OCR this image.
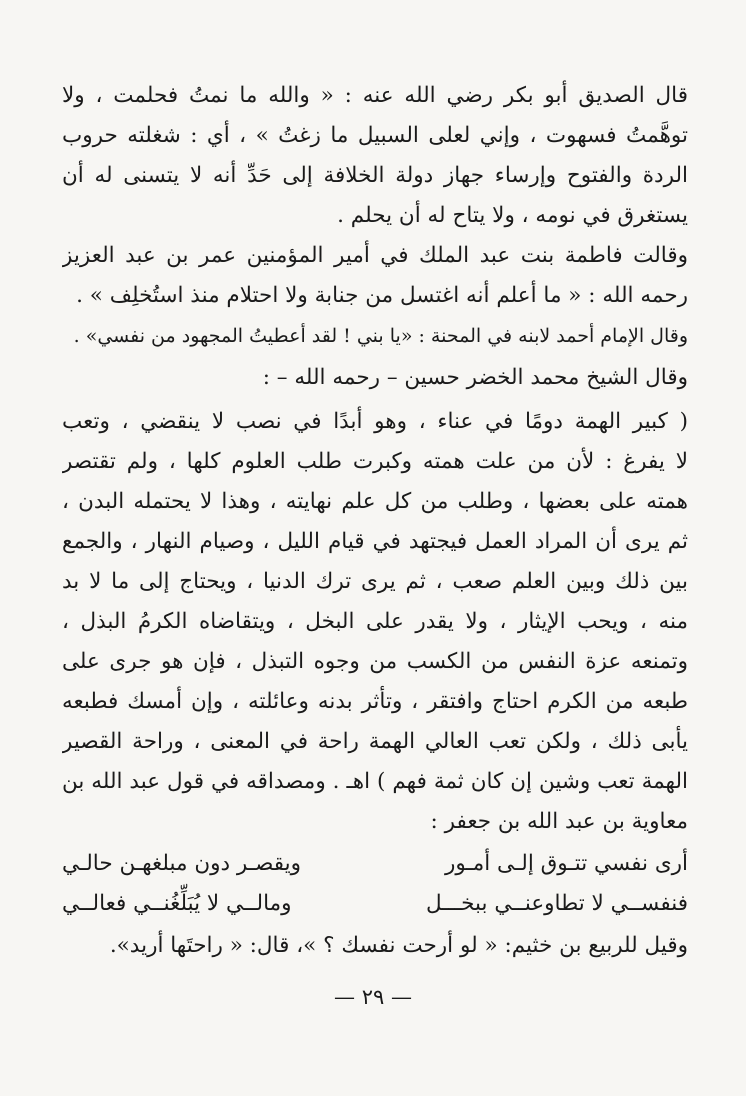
قال الصديق أبو بكر رضي الله عنه : « والله ما نمتُ فحلمت ، ولا
توهَّمتُ فسهوت ، وإني لعلى السبيل ما زغتُ » ، أي : شغلته حروب
الردة والفتوح وإرساء جهاز دولة الخلافة إلى حَدِّ أنه لا يتسنى له أن
يستغرق في نومه ، ولا يتاح له أن يحلم .
وقالت فاطمة بنت عبد الملك في أمير المؤمنين عمر بن عبد العزيز
رحمه الله : « ما أعلم أنه اغتسل من جنابة ولا احتلام منذ استُخلِف » .
وقال الإمام أحمد لابنه في المحنة : «يا بني ! لقد أعطيتُ المجهود من نفسي» .
وقال الشيخ محمد الخضر حسين – رحمه الله – :
( كبير الهمة دومًا في عناء ، وهو أبدًا في نصب لا ينقضي ، وتعب
لا يفرغ : لأن من علت همته وكبرت طلب العلوم كلها ، ولم تقتصر
همته على بعضها ، وطلب من كل علم نهايته ، وهذا لا يحتمله البدن ،
ثم يرى أن المراد العمل فيجتهد في قيام الليل ، وصيام النهار ، والجمع
بين ذلك وبين العلم صعب ، ثم يرى ترك الدنيا ، ويحتاج إلى ما لا بد
منه ، ويحب الإيثار ، ولا يقدر على البخل ، ويتقاضاه الكرمُ البذل ،
وتمنعه عزة النفس من الكسب من وجوه التبذل ، فإن هو جرى على
طبعه من الكرم احتاج وافتقر ، وتأثر بدنه وعائلته ، وإن أمسك فطبعه
يأبى ذلك ، ولكن تعب العالي الهمة راحة في المعنى ، وراحة القصير
الهمة تعب وشين إن كان ثمة فهم ) اهـ . ومصداقه في قول عبد الله بن
معاوية بن عبد الله بن جعفر :
أرى نفسي تتـوق إلـى أمـور
ويقصـر دون مبلغهـن حالـي
فنفســي لا تطاوعنــي ببخـــل
ومالــي لا يُبَلِّغُنــي فعالــي
وقيل للربيع بن خثيم: « لو أرحت نفسك ؟ »، قال: « راحتَها أريد».
— ٢٩ —
